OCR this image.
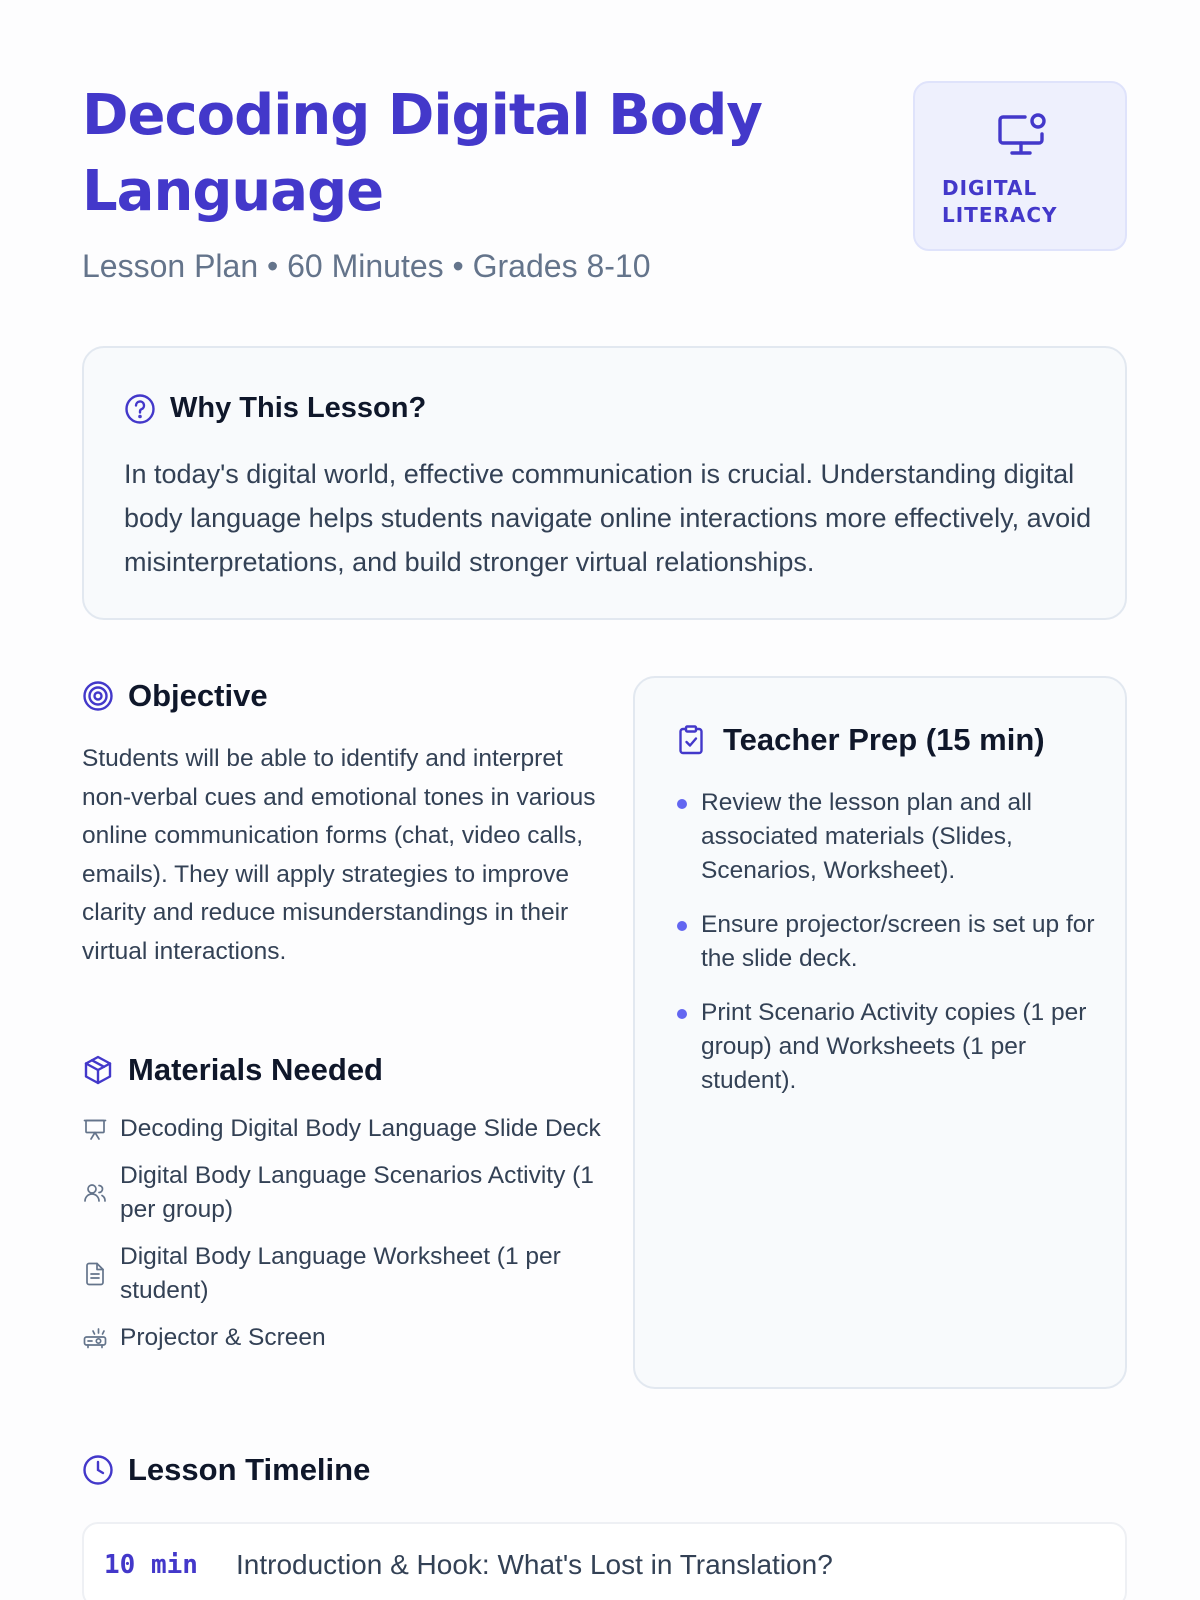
Decoding Digital Body Language
Lesson Plan • 60 Minutes • Grades 8-10
DIGITAL LITERACY
Why This Lesson?

In today's digital world, effective communication is crucial. Understanding digital body language helps students navigate online interactions more effectively, avoid misinterpretations, and build stronger virtual relationships.

Objective

Students will be able to identify and interpret non-verbal cues and emotional tones in various online communication forms (chat, video calls, emails). They will apply strategies to improve clarity and reduce misunderstandings in their virtual interactions.

Materials Needed
Decoding Digital Body Language Slide Deck
Digital Body Language Scenarios Activity (1 per group)
Digital Body Language Worksheet (1 per student)
Projector & Screen
Teacher Prep (15 min)
Review the lesson plan and all associated materials (Slides, Scenarios, Worksheet).
Ensure projector/screen is set up for the slide deck.
Print Scenario Activity copies (1 per group) and Worksheets (1 per student).
Lesson Timeline
10 min	Introduction & Hook: What's Lost in Translation?
